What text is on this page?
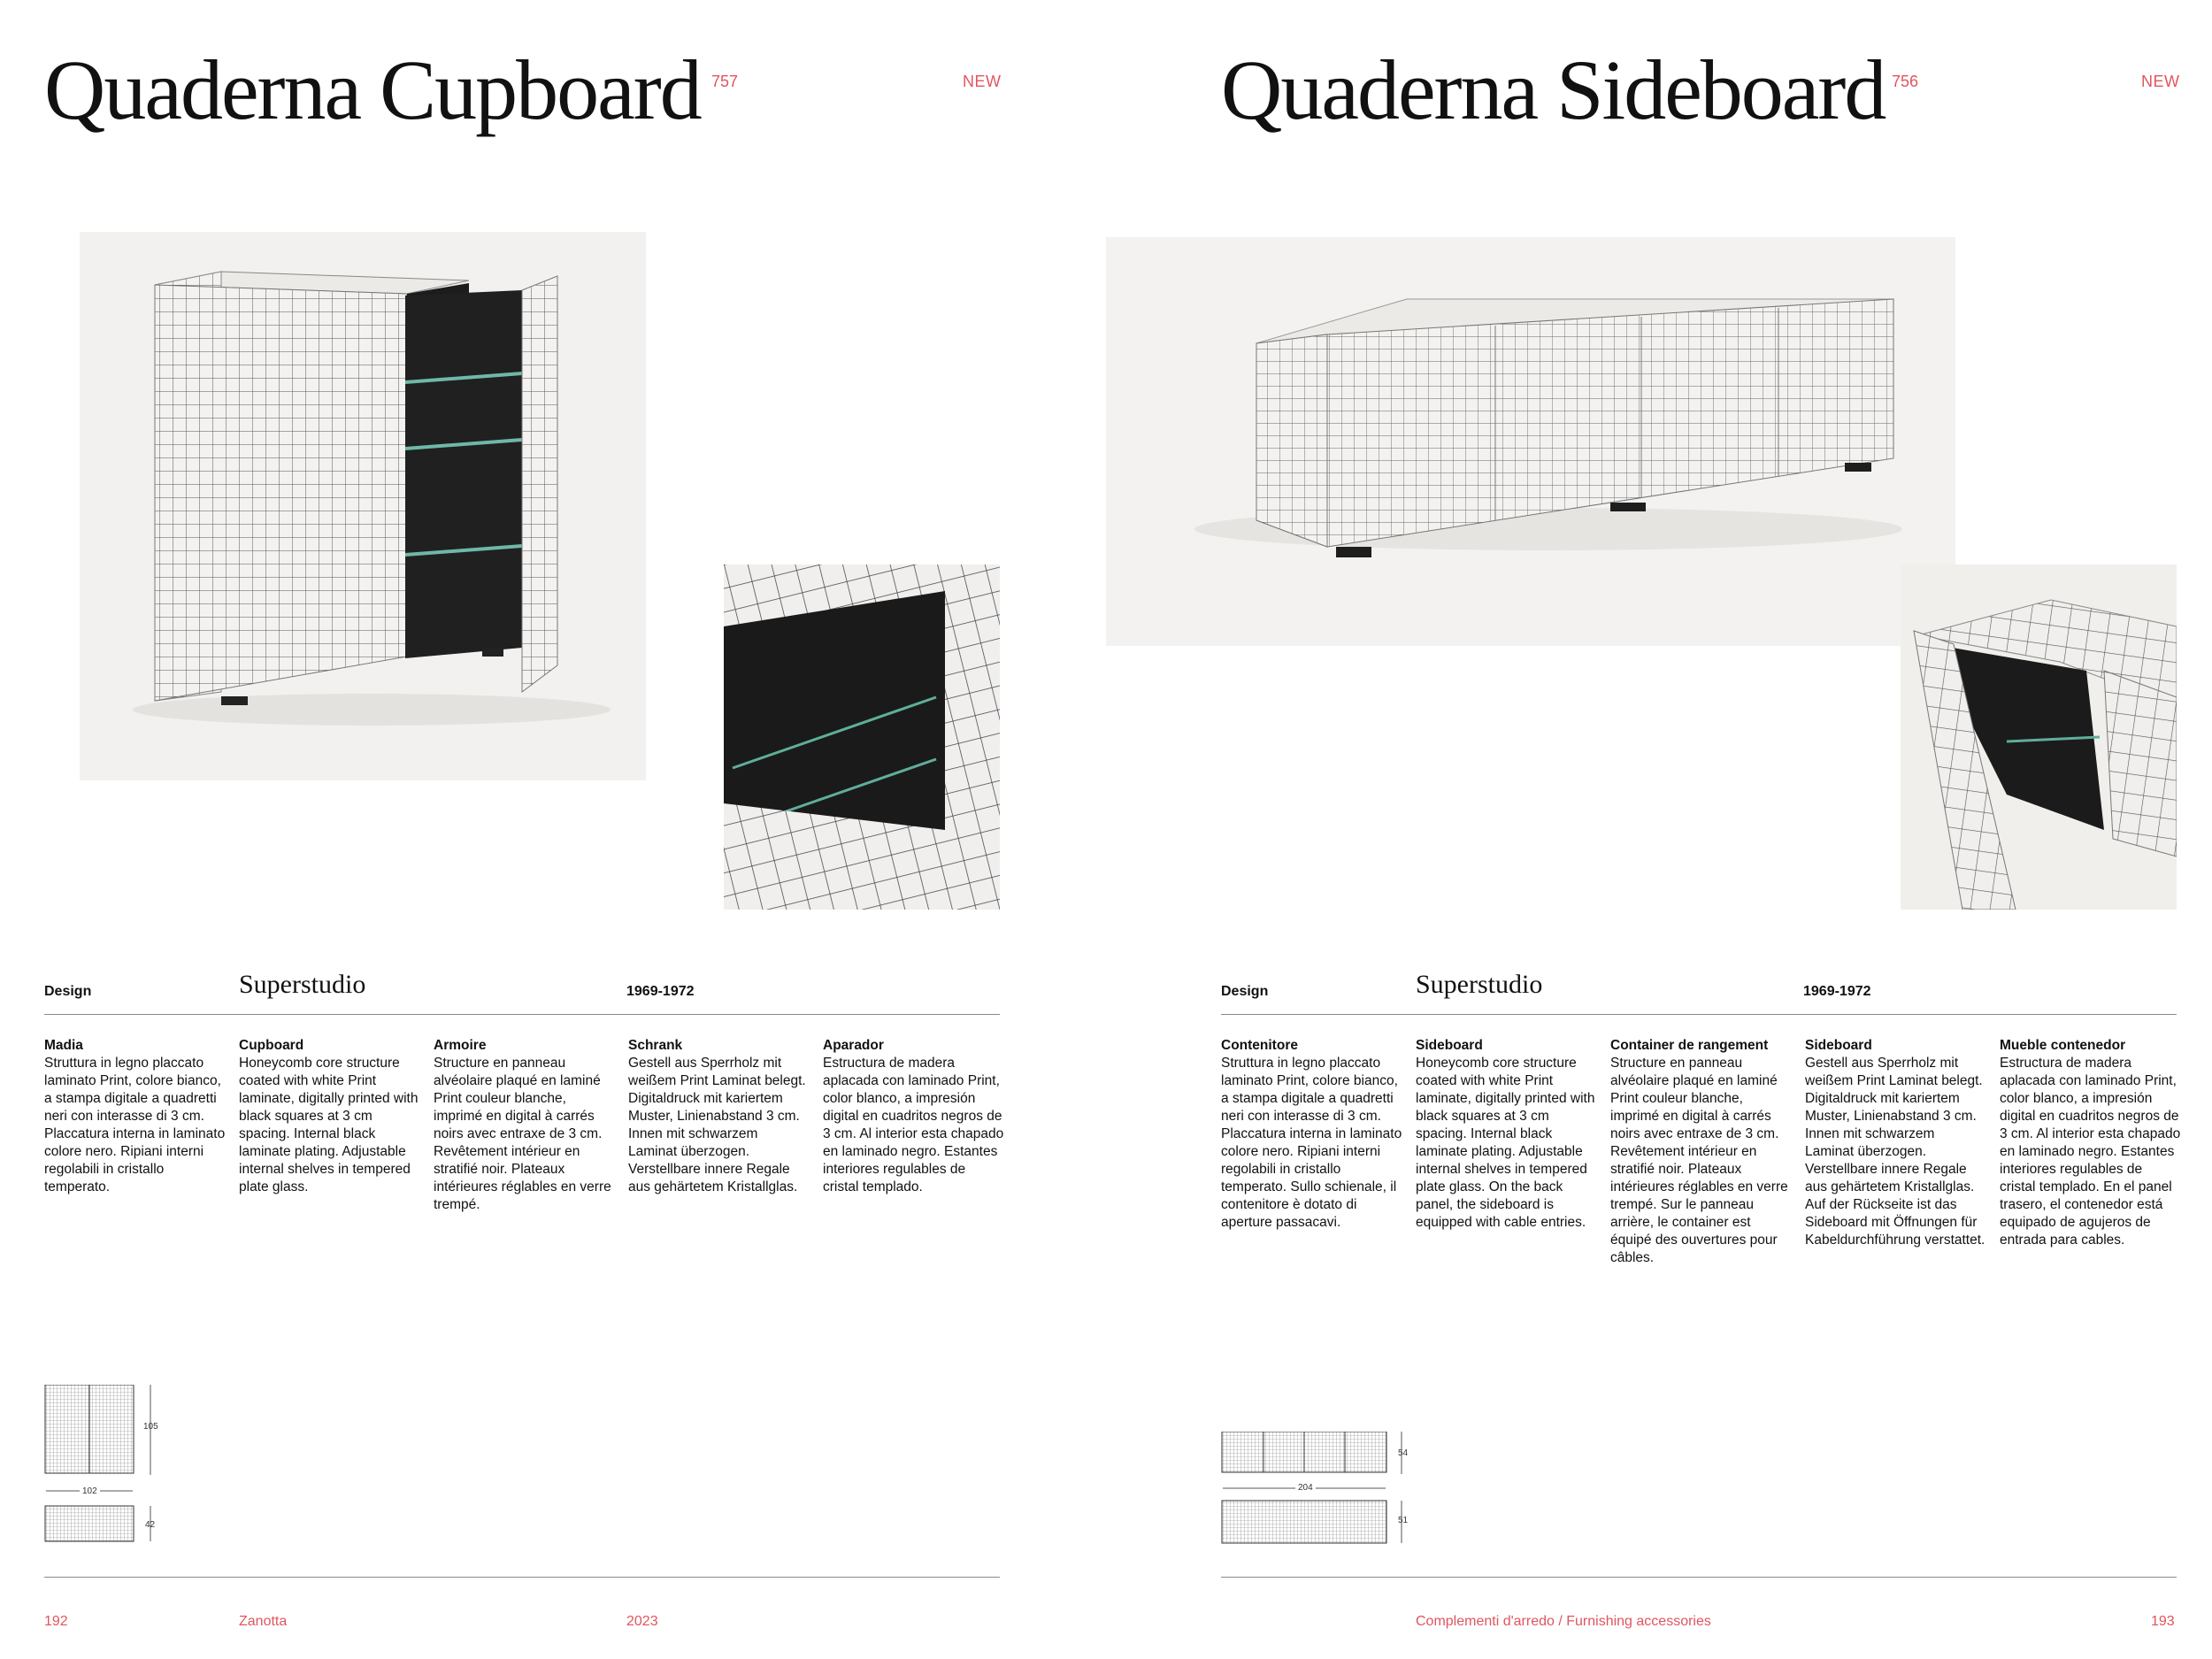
Quaderna Cupboard 757	NEW
Design	Superstudio	1969-1972
Madia
Struttura in legno placcato laminato Print, colore bianco, a stampa digitale a quadretti neri con interasse di 3 cm. Placcatura interna in laminato colore nero. Ripiani interni regolabili in cristallo temperato.
Cupboard
Honeycomb core structure coated with white Print laminate, digitally printed with black squares at 3 cm spacing. Internal black laminate plating. Adjustable internal shelves in tempered plate glass.
Armoire
Structure en panneau alvéolaire plaqué en laminé Print couleur blanche, imprimé en digital à carrés noirs avec entraxe de 3 cm. Revêtement intérieur en stratifié noir. Plateaux intérieures réglables en verre trempé.
Schrank
Gestell aus Sperrholz mit weißem Print Laminat belegt. Digitaldruck mit kariertem Muster, Linienabstand 3 cm. Innen mit schwarzem Laminat überzogen. Verstellbare innere Regale aus gehärtetem Kristallglas.
Aparador
Estructura de madera aplacada con laminado Print, color blanco, a impresión digital en cuadritos negros de 3 cm. Al interior esta chapado en laminado negro. Estantes interiores regulables de cristal templado.
105
102
42
192	Zanotta	2023
Quaderna Sideboard 756	NEW
Design	Superstudio	1969-1972
Contenitore
Struttura in legno placcato laminato Print, colore bianco, a stampa digitale a quadretti neri con interasse di 3 cm. Placcatura interna in laminato colore nero. Ripiani interni regolabili in cristallo temperato. Sullo schienale, il contenitore è dotato di aperture passacavi.
Sideboard
Honeycomb core structure coated with white Print laminate, digitally printed with black squares at 3 cm spacing. Internal black laminate plating. Adjustable internal shelves in tempered plate glass. On the back panel, the sideboard is equipped with cable entries.
Container de rangement
Structure en panneau alvéolaire plaqué en laminé Print couleur blanche, imprimé en digital à carrés noirs avec entraxe de 3 cm. Revêtement intérieur en stratifié noir. Plateaux intérieures réglables en verre trempé. Sur le panneau arrière, le container est équipé des ouvertures pour câbles.
Sideboard
Gestell aus Sperrholz mit weißem Print Laminat belegt. Digitaldruck mit kariertem Muster, Linienabstand 3 cm. Innen mit schwarzem Laminat überzogen. Verstellbare innere Regale aus gehärtetem Kristallglas. Auf der Rückseite ist das Sideboard mit Öffnungen für Kabeldurchführung verstattet.
Mueble contenedor
Estructura de madera aplacada con laminado Print, color blanco, a impresión digital en cuadritos negros de 3 cm. Al interior esta chapado en laminado negro. Estantes interiores regulables de cristal templado. En el panel trasero, el contenedor está equipado de agujeros de entrada para cables.
54
204
51
Complementi d'arredo / Furnishing accessories	193
